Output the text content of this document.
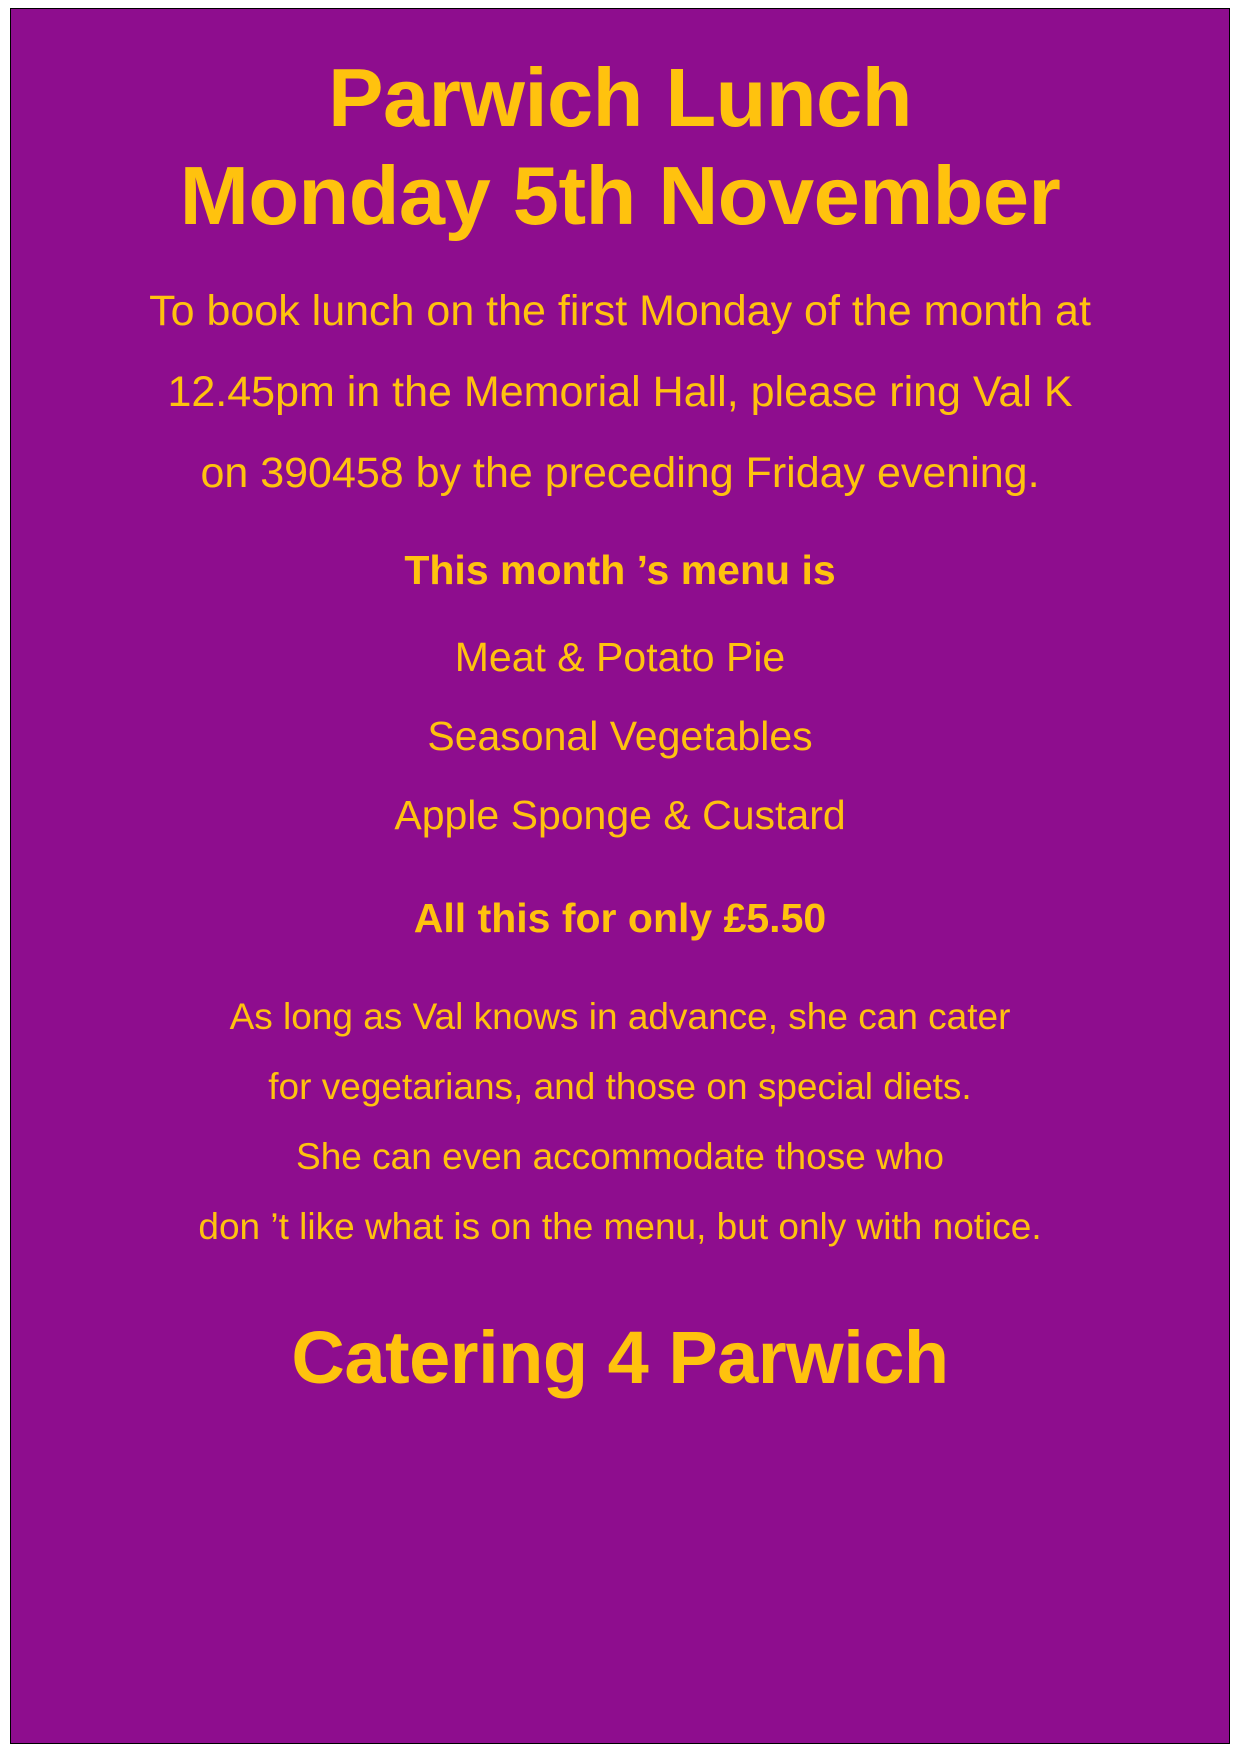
Parwich Lunch
Monday 5th November
To book lunch on the first Monday of the month at
12.45pm in the Memorial Hall, please ring Val K
on 390458 by the preceding Friday evening.
This month ’s menu is
Meat & Potato Pie
Seasonal Vegetables
Apple Sponge & Custard
All this for only £5.50
As long as Val knows in advance, she can cater
for vegetarians, and those on special diets.
She can even accommodate those who
don ’t like what is on the menu, but only with notice.
Catering 4 Parwich
